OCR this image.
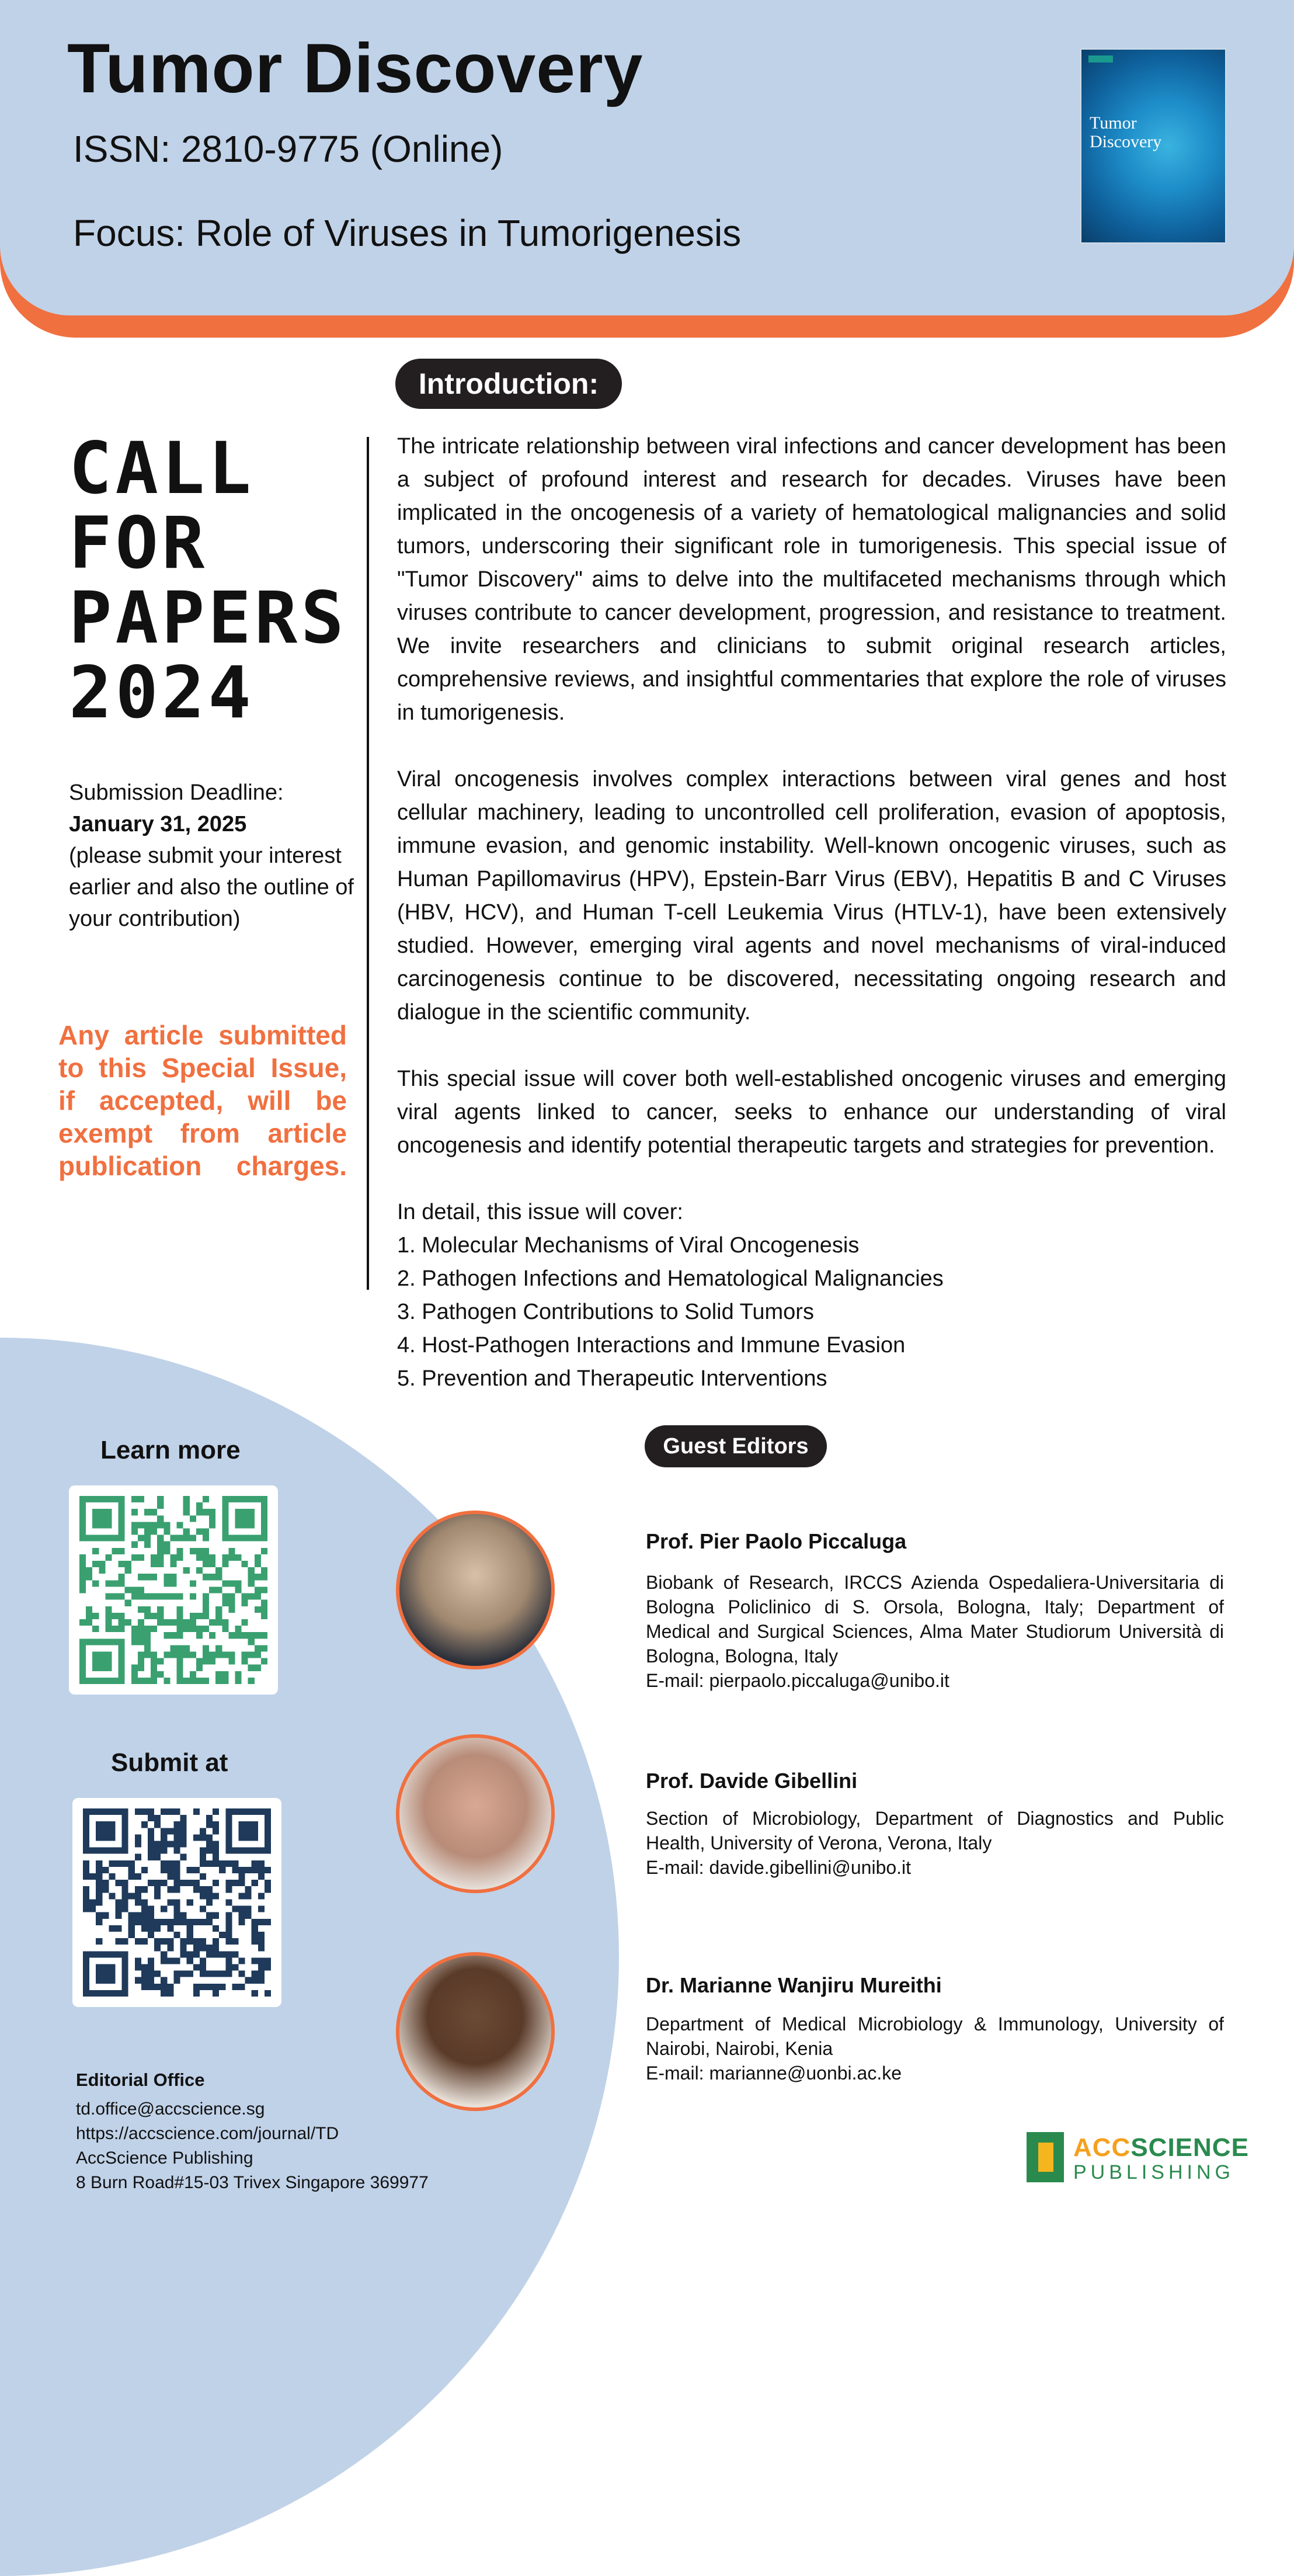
Tumor Discovery
ISSN: 2810-9775 (Online)
Focus: Role of Viruses in Tumorigenesis
Tumor
Discovery
Introduction:
CALL
FOR
PAPERS
2024
Submission Deadline:
January 31, 2025
(please submit your interest earlier and also the outline of your contribution)
Any article submitted to this Special Issue, if accepted, will be exempt from article publication charges.

The intricate relationship between viral infections and cancer development has been a subject of profound interest and research for decades. Viruses have been implicated in the oncogenesis of a variety of hematological malignancies and solid tumors, underscoring their significant role in tumorigenesis. This special issue of "Tumor Discovery" aims to delve into the multifaceted mechanisms through which viruses contribute to cancer development, progression, and resistance to treatment. We invite researchers and clinicians to submit original research articles, comprehensive reviews, and insightful commentaries that explore the role of viruses in tumorigenesis.

Viral oncogenesis involves complex interactions between viral genes and host cellular machinery, leading to uncontrolled cell proliferation, evasion of apoptosis, immune evasion, and genomic instability. Well-known oncogenic viruses, such as Human Papillomavirus (HPV), Epstein-Barr Virus (EBV), Hepatitis B and C Viruses (HBV, HCV), and Human T-cell Leukemia Virus (HTLV-1), have been extensively studied. However, emerging viral agents and novel mechanisms of viral-induced carcinogenesis continue to be discovered, necessitating ongoing research and dialogue in the scientific community.

This special issue will cover both well-established oncogenic viruses and emerging viral agents linked to cancer, seeks to enhance our understanding of viral oncogenesis and identify potential therapeutic targets and strategies for prevention.

In detail, this issue will cover:

1. Molecular Mechanisms of Viral Oncogenesis

2. Pathogen Infections and Hematological Malignancies

3. Pathogen Contributions to Solid Tumors

4. Host-Pathogen Interactions and Immune Evasion

5. Prevention and Therapeutic Interventions

Learn more
Submit at
Editorial Office
td.office@accscience.sg
https://accscience.com/journal/TD
AccScience Publishing
8 Burn Road#15-03 Trivex Singapore 369977
Guest Editors
Prof. Pier Paolo Piccaluga

Biobank of Research, IRCCS Azienda Ospedaliera-Universitaria di Bologna Policlinico di S. Orsola, Bologna, Italy; Department of Medical and Surgical Sciences, Alma Mater Studiorum Università di Bologna, Bologna, Italy

E-mail: pierpaolo.piccaluga@unibo.it

Prof. Davide Gibellini

Section of Microbiology, Department of Diagnostics and Public Health, University of Verona, Verona, Italy

E-mail: davide.gibellini@unibo.it

Dr. Marianne Wanjiru Mureithi

Department of Medical Microbiology & Immunology, University of Nairobi, Nairobi, Kenia

E-mail: marianne@uonbi.ac.ke

ACCSCIENCE
PUBLISHING
